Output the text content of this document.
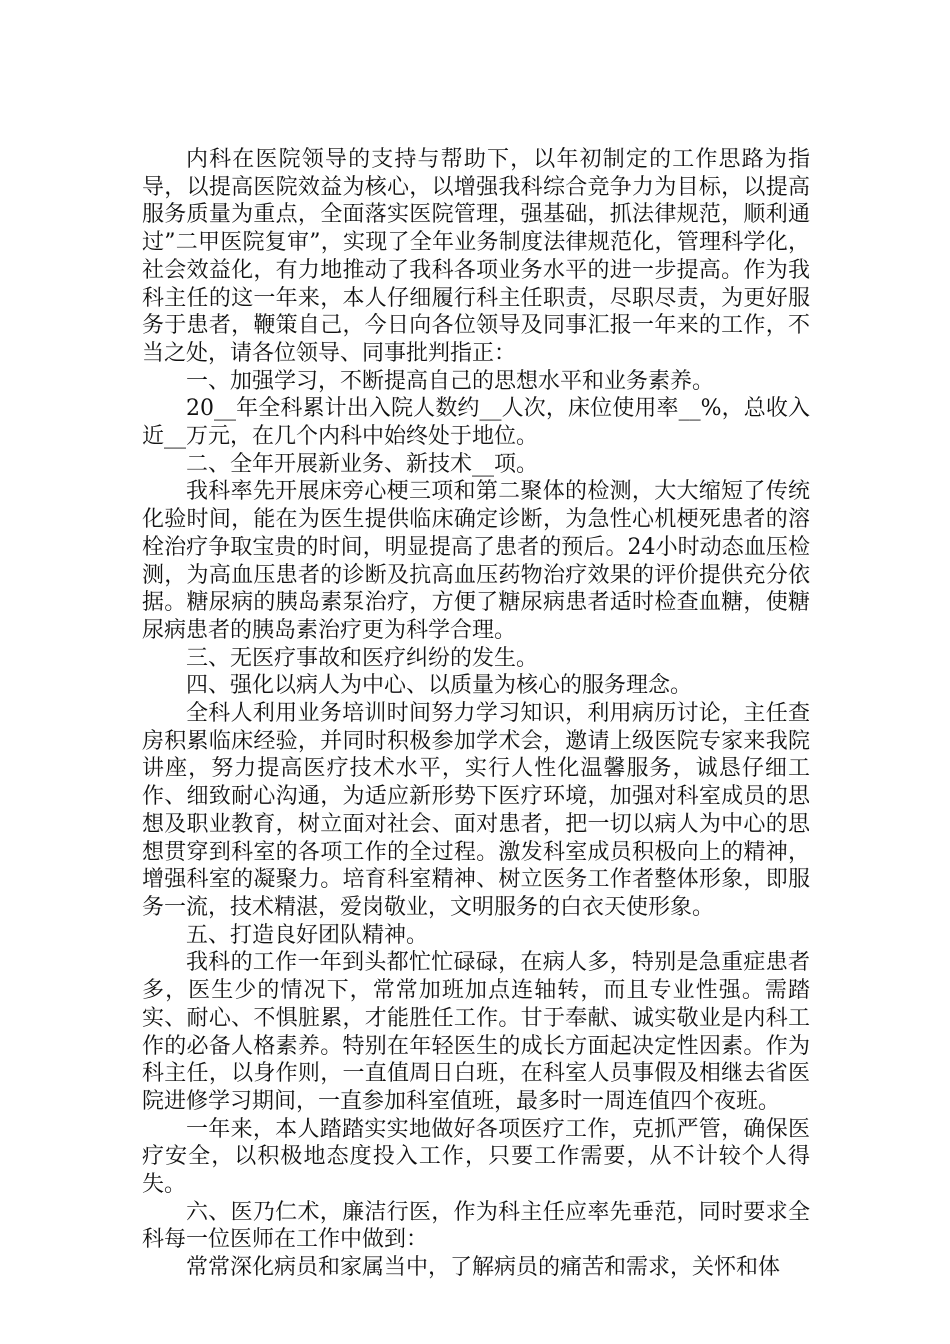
内科在医院领导的支持与帮助下，以年初制定的工作思路为指导，以提高医院效益为核心，以增强我科综合竞争力为目标，以提高服务质量为重点，全面落实医院管理，强基础，抓法律规范，顺利通过”二甲医院复审”，实现了全年业务制度法律规范化，管理科学化，社会效益化，有力地推动了我科各项业务水平的进一步提高。作为我科主任的这一年来，本人仔细履行科主任职责，尽职尽责，为更好服务于患者，鞭策自己，今日向各位领导及同事汇报一年来的工作，不当之处，请各位领导、同事批判指正：

一、加强学习，不断提高自己的思想水平和业务素养。

20__年全科累计出入院人数约__人次，床位使用率__%，总收入近__万元，在几个内科中始终处于地位。

二、全年开展新业务、新技术__项。

我科率先开展床旁心梗三项和第二聚体的检测，大大缩短了传统化验时间，能在为医生提供临床确定诊断，为急性心机梗死患者的溶栓治疗争取宝贵的时间，明显提高了患者的预后。24小时动态血压检测，为高血压患者的诊断及抗高血压药物治疗效果的评价提供充分依据。糖尿病的胰岛素泵治疗，方便了糖尿病患者适时检查血糖，使糖尿病患者的胰岛素治疗更为科学合理。

三、无医疗事故和医疗纠纷的发生。

四、强化以病人为中心、以质量为核心的服务理念。

全科人利用业务培训时间努力学习知识，利用病历讨论，主任查房积累临床经验，并同时积极参加学术会，邀请上级医院专家来我院讲座，努力提高医疗技术水平，实行人性化温馨服务，诚恳仔细工作、细致耐心沟通，为适应新形势下医疗环境，加强对科室成员的思想及职业教育，树立面对社会、面对患者，把一切以病人为中心的思想贯穿到科室的各项工作的全过程。激发科室成员积极向上的精神，增强科室的凝聚力。培育科室精神、树立医务工作者整体形象，即服务一流，技术精湛，爱岗敬业，文明服务的白衣天使形象。

五、打造良好团队精神。

我科的工作一年到头都忙忙碌碌，在病人多，特别是急重症患者多，医生少的情况下，常常加班加点连轴转，而且专业性强。需踏实、耐心、不惧脏累，才能胜任工作。甘于奉献、诚实敬业是内科工作的必备人格素养。特别在年轻医生的成长方面起决定性因素。作为科主任，以身作则，一直值周日白班，在科室人员事假及相继去省医院进修学习期间，一直参加科室值班，最多时一周连值四个夜班。

一年来，本人踏踏实实地做好各项医疗工作，克抓严管，确保医疗安全，以积极地态度投入工作，只要工作需要，从不计较个人得失。

六、医乃仁术，廉洁行医，作为科主任应率先垂范，同时要求全科每一位医师在工作中做到：

常常深化病员和家属当中，了解病员的痛苦和需求，关怀和体
